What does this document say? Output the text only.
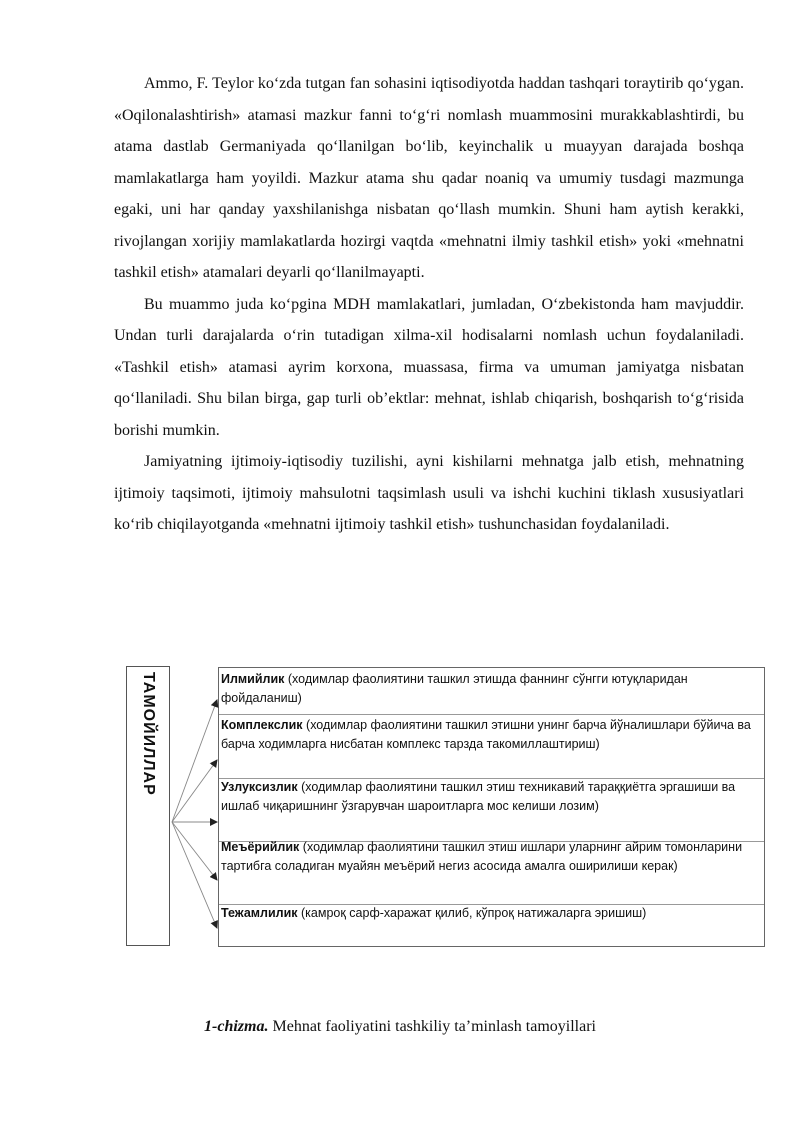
Ammo, F. Teylor ko‘zda tutgan fan sohasini iqtisodiyotda haddan tashqari toraytirib qo‘ygan. «Oqilonalashtirish» atamasi mazkur fanni to‘g‘ri nomlash muammosini murakkablashtirdi, bu atama dastlab Germaniyada qo‘llanilgan bo‘lib, keyinchalik u muayyan darajada boshqa mamlakatlarga ham yoyildi. Mazkur atama shu qadar noaniq va umumiy tusdagi mazmunga egaki, uni har qanday yaxshilanishga nisbatan qo‘llash mumkin. Shuni ham aytish kerakki, rivojlangan xorijiy mamlakatlarda hozirgi vaqtda «mehnatni ilmiy tashkil etish» yoki «mehnatni tashkil etish» atamalari deyarli qo‘llanilmayapti.

Bu muammo juda ko‘pgina MDH mamlakatlari, jumladan, O‘zbekistonda ham mavjuddir. Undan turli darajalarda o‘rin tutadigan xilma-xil hodisalarni nomlash uchun foydalaniladi. «Tashkil etish» atamasi ayrim korxona, muassasa, firma va umuman jamiyatga nisbatan qo‘llaniladi. Shu bilan birga, gap turli ob’ektlar: mehnat, ishlab chiqarish, boshqarish to‘g‘risida borishi mumkin.

Jamiyatning ijtimoiy-iqtisodiy tuzilishi, ayni kishilarni mehnatga jalb etish, mehnatning ijtimoiy taqsimoti, ijtimoiy mahsulotni taqsimlash usuli va ishchi kuchini tiklash xususiyatlari ko‘rib chiqilayotganda «mehnatni ijtimoiy tashkil etish» tushunchasidan foydalaniladi.

ТАМОЙИЛЛАР	Илмийлик (ходимлар фаолиятини ташкил этишда фаннинг сўнгги ютуқларидан фойдаланиш)
Комплекслик (ходимлар фаолиятини ташкил этишни унинг барча йўналишлари бўйича ва барча ходимларга нисбатан комплекс тарзда такомиллаштириш)
Узлуксизлик (ходимлар фаолиятини ташкил этиш техникавий тараққиётга эргашиши ва ишлаб чиқаришнинг ўзгарувчан шароитларга мос келиши лозим)
Меъёрийлик (ходимлар фаолиятини ташкил этиш ишлари уларнинг айрим томонларини тартибга соладиган муайян меъёрий негиз асосида амалга оширилиши керак)
Тежамлилик (камроқ сарф-харажат қилиб, кўпроқ натижаларга эришиш)
1-chizma. Mehnat faoliyatini tashkiliy ta’minlash tamoyillari
